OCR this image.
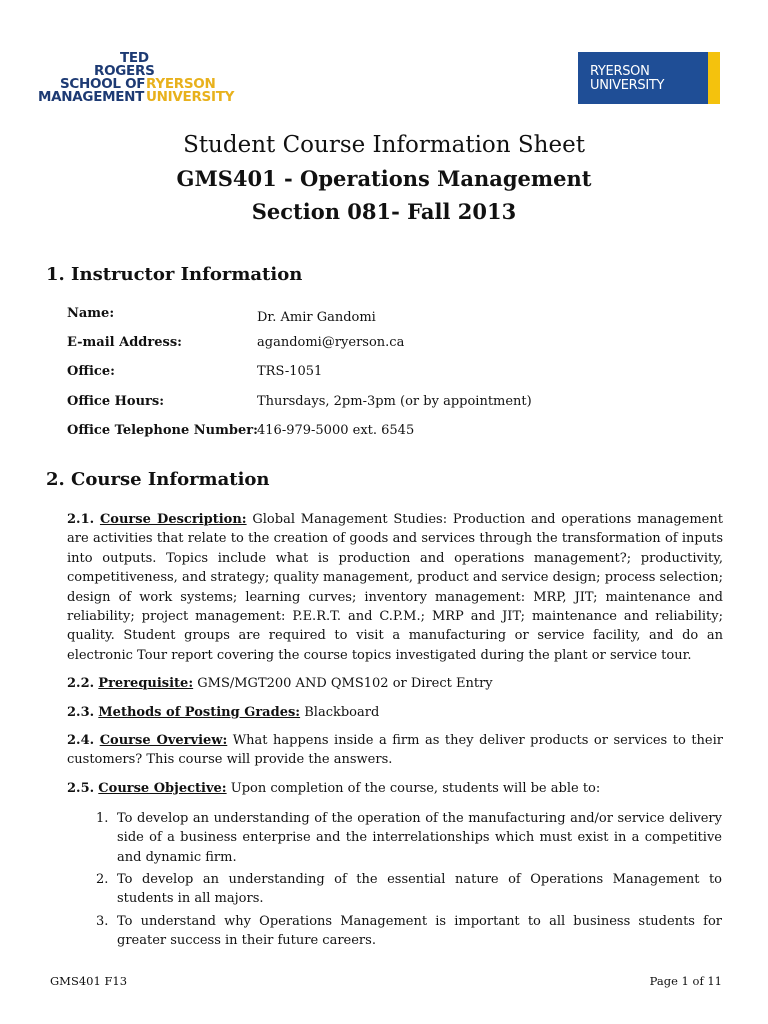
TED
ROGERS
SCHOOL OF RYERSON
MANAGEMENT UNIVERSITY
RYERSON
UNIVERSITY
Student Course Information Sheet
GMS401 - Operations Management
Section 081- Fall 2013
1. Instructor Information
Name:	Dr. Amir Gandomi
E-mail Address:	agandomi@ryerson.ca
Office:	TRS-1051
Office Hours:	Thursdays, 2pm-3pm (or by appointment)
Office Telephone Number: 416-979-5000 ext. 6545
2. Course Information
2.1. Course Description: Global Management Studies: Production and operations management are activities that relate to the creation of goods and services through the transformation of inputs into outputs. Topics include what is production and operations management?; productivity, competitiveness, and strategy; quality management, product and service design; process selection; design of work systems; learning curves; inventory management: MRP, JIT; maintenance and reliability; project management: P.E.R.T. and C.P.M.; MRP and JIT; maintenance and reliability; quality. Student groups are required to visit a manufacturing or service facility, and do an electronic Tour report covering the course topics investigated during the plant or service tour.
2.2. Prerequisite: GMS/MGT200 AND QMS102 or Direct Entry
2.3. Methods of Posting Grades: Blackboard
2.4. Course Overview: What happens inside a firm as they deliver products or services to their customers? This course will provide the answers.
2.5. Course Objective: Upon completion of the course, students will be able to:
1. To develop an understanding of the operation of the manufacturing and/or service delivery side of a business enterprise and the interrelationships which must exist in a competitive and dynamic firm.
2. To develop an understanding of the essential nature of Operations Management to students in all majors.
3. To understand why Operations Management is important to all business students for greater success in their future careers.
GMS401 F13	Page 1 of 11
